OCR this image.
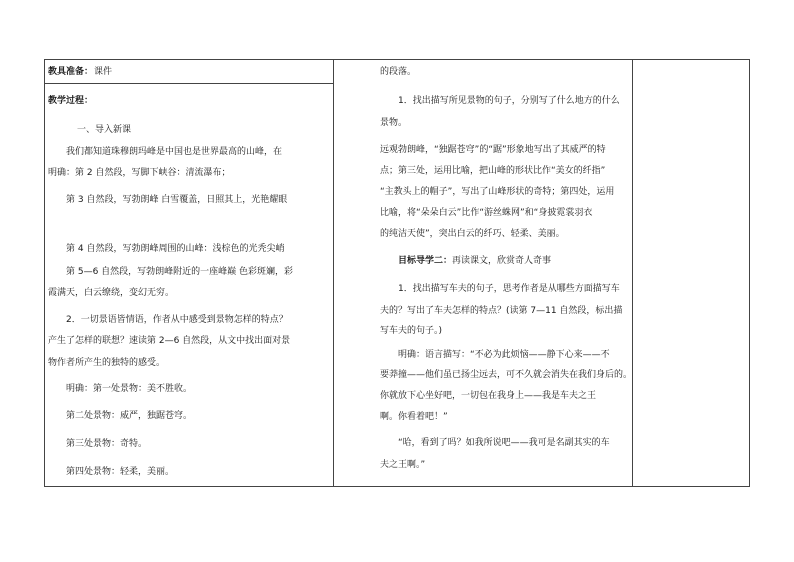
教具准备： 课件
教学过程：
一、导入新课
我们都知道珠穆朗玛峰是中国也是世界最高的山峰，在
明确：第 2 自然段，写脚下峡谷：清流瀑布；
第 3 自然段，写勃朗峰 白雪覆盖，日照其上，光艳耀眼
第 4 自然段，写勃朗峰周围的山峰：浅棕色的光秃尖峭
第 5—6 自然段，写勃朗峰附近的一座峰巅 色彩斑斓，彩
霞满天，白云缭绕，变幻无穷。
2．一切景语皆情语，作者从中感受到景物怎样的特点？
产生了怎样的联想？速读第 2—6 自然段，从文中找出面对景
物作者所产生的独特的感受。
明确：第一处景物：美不胜收。
第二处景物：威严，独踞苍穹。
第三处景物：奇特。
第四处景物：轻柔，美丽。
的段落。
1．找出描写所见景物的句子，分别写了什么地方的什么
景物。
远观勃朗峰，“独踞苍穹”的“踞”形象地写出了其威严的特
点；第三处，运用比喻，把山峰的形状比作“美女的纤指”
“主教头上的帽子”，写出了山峰形状的奇特；第四处，运用
比喻，将“朵朵白云”比作“游丝蛛网”和“身披霓裳羽衣
的纯洁天使”，突出白云的纤巧、轻柔、美丽。
目标导学二：再读课文，欣赏奇人奇事
1．找出描写车夫的句子，思考作者是从哪些方面描写车
夫的？写出了车夫怎样的特点？(读第 7—11 自然段，标出描
写车夫的句子。)
明确：语言描写：“不必为此烦恼——静下心来——不
要莽撞——他们虽已扬尘远去，可不久就会消失在我们身后的。
你就放下心坐好吧，一切包在我身上——我是车夫之王
啊。你看着吧！”
“哈，看到了吗？如我所说吧——我可是名副其实的车
夫之王啊。”
